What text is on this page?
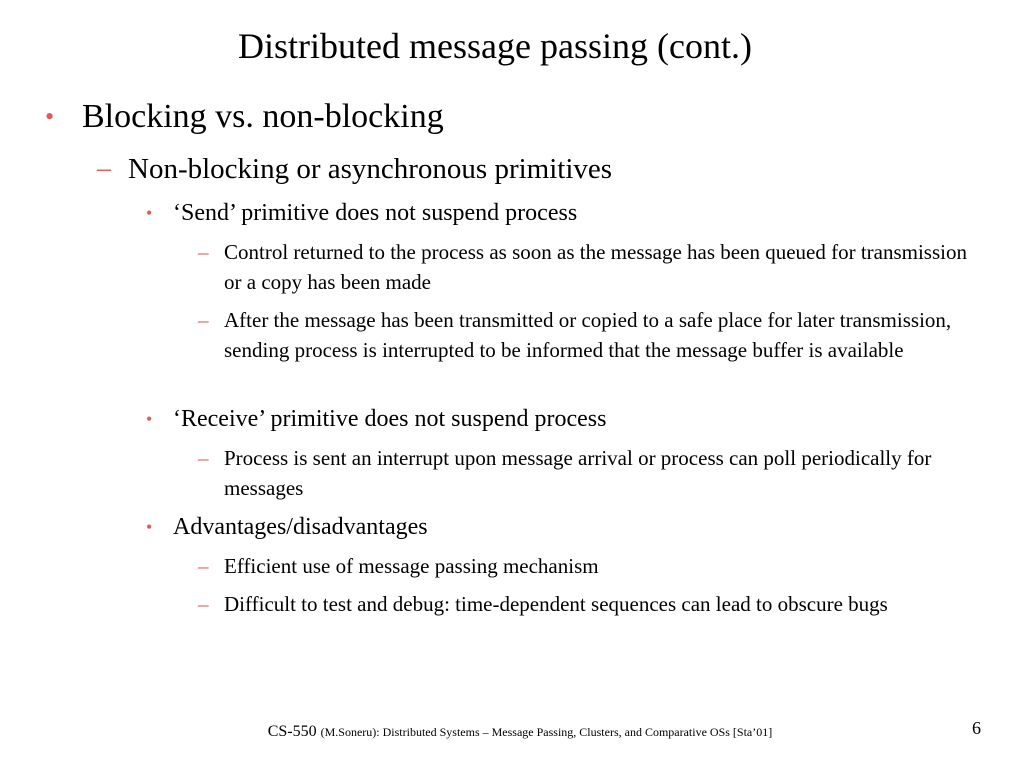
Distributed message passing (cont.)
• Blocking vs. non-blocking
– Non-blocking or asynchronous primitives
• ‘Send’ primitive does not suspend process
– Control returned to the process as soon as the message has been queued for transmission or a copy has been made
– After the message has been transmitted or copied to a safe place for later transmission, sending process is interrupted to be informed that the message buffer is available
• ‘Receive’ primitive does not suspend process
– Process is sent an interrupt upon message arrival or process can poll periodically for messages
• Advantages/disadvantages
– Efficient use of message passing mechanism
– Difficult to test and debug: time-dependent sequences can lead to obscure bugs
CS-550 (M.Soneru): Distributed Systems – Message Passing, Clusters, and Comparative OSs [Sta’01]	6
